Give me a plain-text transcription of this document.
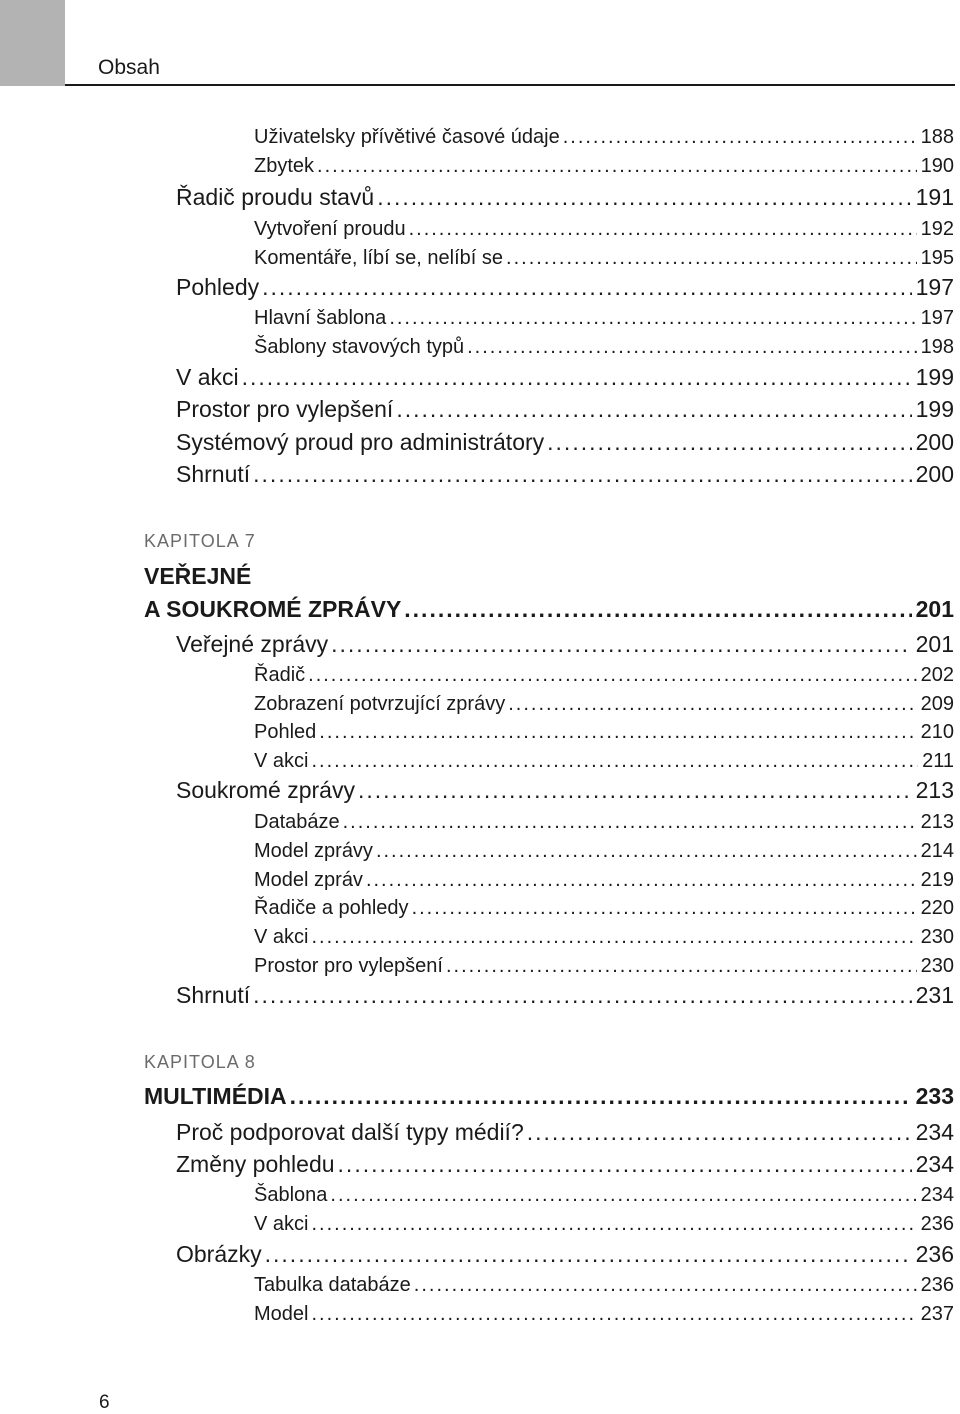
Obsah
Uživatelsky přívětivé časové údaje .....	188
Zbytek .....	190
Řadič proudu stavů .....	191
Vytvoření proudu .....	192
Komentáře, líbí se, nelíbí se .....	195
Pohledy .....	197
Hlavní šablona .....	197
Šablony stavových typů .....	198
V akci .....	199
Prostor pro vylepšení .....	199
Systémový proud pro administrátory .....	200
Shrnutí .....	200
KAPITOLA 7
VEŘEJNÉ
A SOUKROMÉ ZPRÁVY .....	201
Veřejné zprávy .....	201
Řadič .....	202
Zobrazení potvrzující zprávy .....	209
Pohled .....	210
V akci .....	211
Soukromé zprávy .....	213
Databáze .....	213
Model zprávy .....	214
Model zpráv .....	219
Řadiče a pohledy .....	220
V akci .....	230
Prostor pro vylepšení .....	230
Shrnutí .....	231
KAPITOLA 8
MULTIMÉDIA .....	233
Proč podporovat další typy médií? .....	234
Změny pohledu .....	234
Šablona .....	234
V akci .....	236
Obrázky .....	236
Tabulka databáze .....	236
Model .....	237
6
